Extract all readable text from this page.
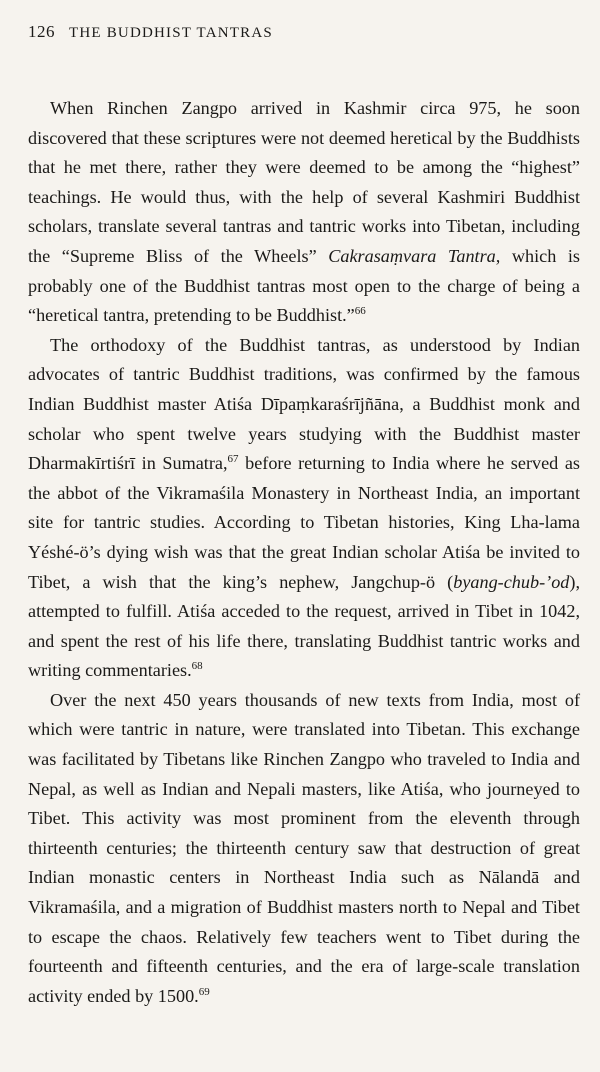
126 THE BUDDHIST TANTRAS

When Rinchen Zangpo arrived in Kashmir circa 975, he soon discovered that these scriptures were not deemed heretical by the Buddhists that he met there, rather they were deemed to be among the “highest” teachings. He would thus, with the help of several Kashmiri Buddhist scholars, translate several tantras and tantric works into Tibetan, including the “Supreme Bliss of the Wheels” Cakrasaṃvara Tantra, which is probably one of the Buddhist tantras most open to the charge of being a “heretical tantra, pretending to be Buddhist.”$^{66}$

The orthodoxy of the Buddhist tantras, as understood by Indian advocates of tantric Buddhist traditions, was confirmed by the famous Indian Buddhist master Atiśa Dīpaṃkaraśrījñāna, a Buddhist monk and scholar who spent twelve years studying with the Buddhist master Dharmakīrtiśrī in Sumatra,$^{67}$ before returning to India where he served as the abbot of the Vikramaśila Monastery in Northeast India, an important site for tantric studies. According to Tibetan histories, King Lha-lama Yéshé-ö’s dying wish was that the great Indian scholar Atiśa be invited to Tibet, a wish that the king’s nephew, Jangchup-ö (byang-chub-’od), attempted to fulfill. Atiśa acceded to the request, arrived in Tibet in 1042, and spent the rest of his life there, translating Buddhist tantric works and writing commentaries.$^{68}$

Over the next 450 years thousands of new texts from India, most of which were tantric in nature, were translated into Tibetan. This exchange was facilitated by Tibetans like Rinchen Zangpo who traveled to India and Nepal, as well as Indian and Nepali masters, like Atiśa, who journeyed to Tibet. This activity was most prominent from the eleventh through thirteenth centuries; the thirteenth century saw that destruction of great Indian monastic centers in Northeast India such as Nālandā and Vikramaśila, and a migration of Buddhist masters north to Nepal and Tibet to escape the chaos. Relatively few teachers went to Tibet during the fourteenth and fifteenth centuries, and the era of large-scale translation activity ended by 1500.69
